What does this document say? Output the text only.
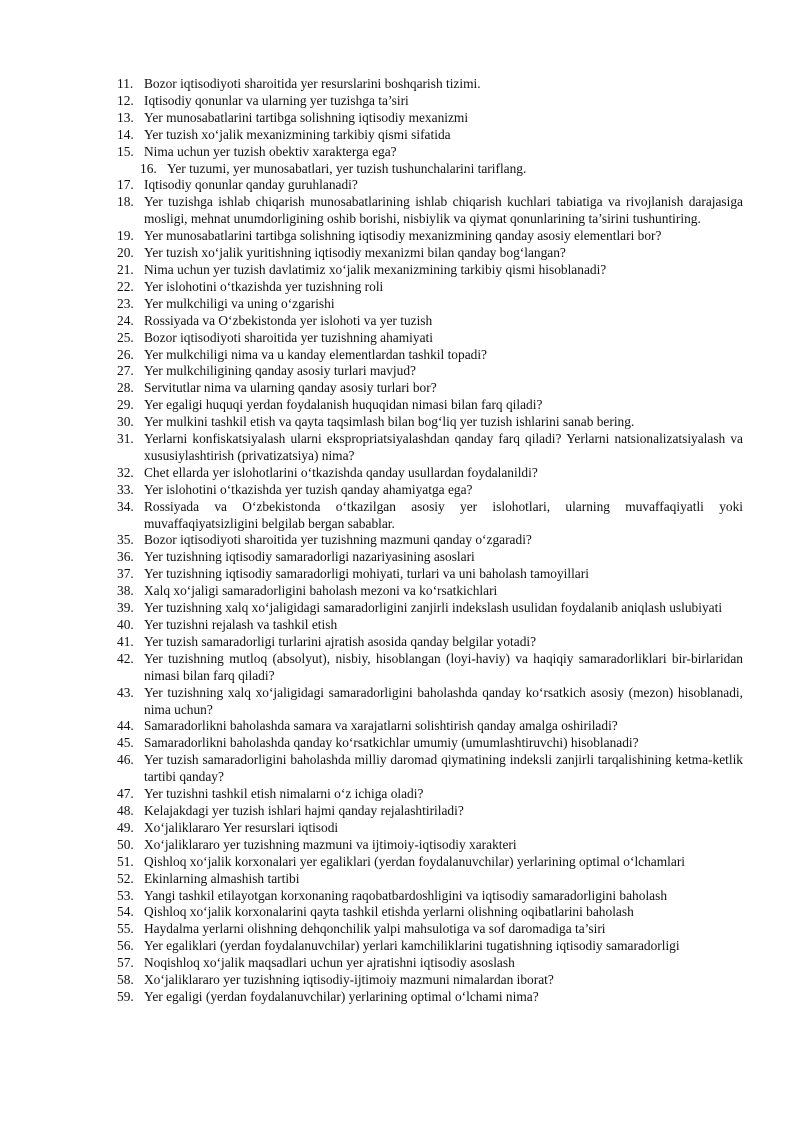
11. Bozor iqtisodiyoti sharoitida yer resurslarini boshqarish tizimi.
12. Iqtisodiy qonunlar va ularning yer tuzishga ta’siri
13. Yer munosabatlarini tartibga solishning iqtisodiy mexanizmi
14. Yer tuzish xo‘jalik mexanizmining tarkibiy qismi sifatida
15. Nima uchun yer tuzish obektiv xarakterga ega?
16. Yer tuzumi, yer munosabatlari, yer tuzish tushunchalarini tariflang.
17. Iqtisodiy qonunlar qanday guruhlanadi?
18. Yer tuzishga ishlab chiqarish munosabatlarining ishlab chiqarish kuchlari tabiatiga va rivojlanish darajasiga mosligi, mehnat unumdorligining oshib borishi, nisbiylik va qiymat qonunlarining ta’sirini tushuntiring.
19. Yer munosabatlarini tartibga solishning iqtisodiy mexanizmining qanday asosiy elementlari bor?
20. Yer tuzish xo‘jalik yuritishning iqtisodiy mexanizmi bilan qanday bog‘langan?
21. Nima uchun yer tuzish davlatimiz xo‘jalik mexanizmining tarkibiy qismi hisoblanadi?
22. Yer islohotini o‘tkazishda yer tuzishning roli
23. Yer mulkchiligi va uning o‘zgarishi
24. Rossiyada va O‘zbekistonda yer islohoti va yer tuzish
25. Bozor iqtisodiyoti sharoitida yer tuzishning ahamiyati
26. Yer mulkchiligi nima va u kanday elementlardan tashkil topadi?
27. Yer mulkchiligining qanday asosiy turlari mavjud?
28. Servitutlar nima va ularning qanday asosiy turlari bor?
29. Yer egaligi huquqi yerdan foydalanish huquqidan nimasi bilan farq qiladi?
30. Yer mulkini tashkil etish va qayta taqsimlash bilan bog‘liq yer tuzish ishlarini sanab bering.
31. Yerlarni konfiskatsiyalash ularni ekspropriatsiyalashdan qanday farq qiladi? Yerlarni natsionalizatsiyalash va xususiylashtirish (privatizatsiya) nima?
32. Chet ellarda yer islohotlarini o‘tkazishda qanday usullardan foydalanildi?
33. Yer islohotini o‘tkazishda yer tuzish qanday ahamiyatga ega?
34. Rossiyada va O‘zbekistonda o‘tkazilgan asosiy yer islohotlari, ularning muvaffaqiyatli yoki muvaffaqiyatsizligini belgilab bergan sabablar.
35. Bozor iqtisodiyoti sharoitida yer tuzishning mazmuni qanday o‘zgaradi?
36. Yer tuzishning iqtisodiy samaradorligi nazariyasining asoslari
37. Yer tuzishning iqtisodiy samaradorligi mohiyati, turlari va uni baholash tamoyillari
38. Xalq xo‘jaligi samaradorligini baholash mezoni va ko‘rsatkichlari
39. Yer tuzishning xalq xo‘jaligidagi samaradorligini zanjirli indekslash usulidan foydalanib aniqlash uslubiyati
40. Yer tuzishni rejalash va tashkil etish
41. Yer tuzish samaradorligi turlarini ajratish asosida qanday belgilar yotadi?
42. Yer tuzishning mutloq (absolyut), nisbiy, hisoblangan (loyi-haviy) va haqiqiy samaradorliklari bir-birlaridan nimasi bilan farq qiladi?
43. Yer tuzishning xalq xo‘jaligidagi samaradorligini baholashda qanday ko‘rsatkich asosiy (mezon) hisoblanadi, nima uchun?
44. Samaradorlikni baholashda samara va xarajatlarni solishtirish qanday amalga oshiriladi?
45. Samaradorlikni baholashda qanday ko‘rsatkichlar umumiy (umumlashtiruvchi) hisoblanadi?
46. Yer tuzish samaradorligini baholashda milliy daromad qiymatining indeksli zanjirli tarqalishining ketma-ketlik tartibi qanday?
47. Yer tuzishni tashkil etish nimalarni o‘z ichiga oladi?
48. Kelajakdagi yer tuzish ishlari hajmi qanday rejalashtiriladi?
49. Xo‘jaliklararo Yer resurslari iqtisodi
50. Xo‘jaliklararo yer tuzishning mazmuni va ijtimoiy-iqtisodiy xarakteri
51. Qishloq xo‘jalik korxonalari yer egaliklari (yerdan foydalanuvchilar) yerlarining optimal o‘lchamlari
52. Ekinlarning almashish tartibi
53. Yangi tashkil etilayotgan korxonaning raqobatbardoshligini va iqtisodiy samaradorligini baholash
54. Qishloq xo‘jalik korxonalarini qayta tashkil etishda yerlarni olishning oqibatlarini baholash
55. Haydalma yerlarni olishning dehqonchilik yalpi mahsulotiga va sof daromadiga ta’siri
56. Yer egaliklari (yerdan foydalanuvchilar) yerlari kamchiliklarini tugatishning iqtisodiy samaradorligi
57. Noqishloq xo‘jalik maqsadlari uchun yer ajratishni iqtisodiy asoslash
58. Xo‘jaliklararo yer tuzishning iqtisodiy-ijtimoiy mazmuni nimalardan iborat?
59. Yer egaligi (yerdan foydalanuvchilar) yerlarining optimal o‘lchami nima?
